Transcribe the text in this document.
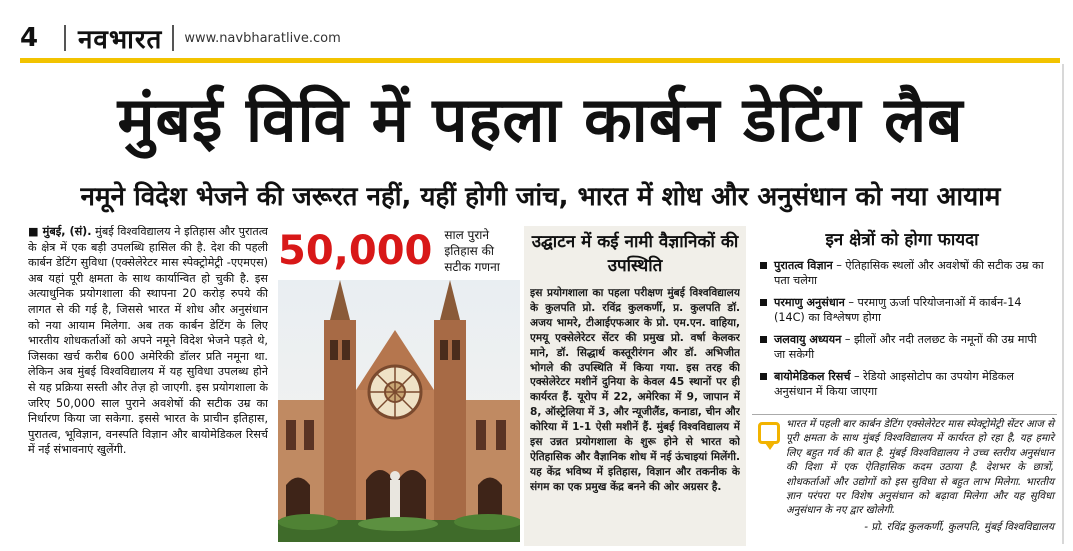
4	नवभारत www.navbharatlive.com
मुंबई विवि में पहला कार्बन डेटिंग लैब
नमूने विदेश भेजने की जरूरत नहीं, यहीं होगी जांच, भारत में शोध और अनुसंधान को नया आयाम
■ मुंबई, (सं). मुंबई विश्वविद्यालय ने इतिहास और पुरातत्व के क्षेत्र में एक बड़ी उपलब्धि हासिल की है. देश की पहली कार्बन डेटिंग सुविधा (एक्सेलेरेटर मास स्पेक्ट्रोमेट्री -एएमएस) अब यहां पूरी क्षमता के साथ कार्यान्वित हो चुकी है. इस अत्याधुनिक प्रयोगशाला की स्थापना 20 करोड़ रुपये की लागत से की गई है, जिससे भारत में शोध और अनुसंधान को नया आयाम मिलेगा. अब तक कार्बन डेटिंग के लिए भारतीय शोधकर्ताओं को अपने नमूने विदेश भेजने पड़ते थे, जिसका खर्च करीब 600 अमेरिकी डॉलर प्रति नमूना था. लेकिन अब मुंबई विश्वविद्यालय में यह सुविधा उपलब्ध होने से यह प्रक्रिया सस्ती और तेज़ हो जाएगी. इस प्रयोगशाला के जरिए 50,000 साल पुराने अवशेषों की सटीक उम्र का निर्धारण किया जा सकेगा. इससे भारत के प्राचीन इतिहास, पुरातत्व, भूविज्ञान, वनस्पति विज्ञान और बायोमेडिकल रिसर्च में नई संभावनाएं खुलेंगी.
50,000 साल पुराने इतिहास की सटीक गणना
उद्घाटन में कई नामी वैज्ञानिकों की उपस्थिति
इस प्रयोगशाला का पहला परीक्षण मुंबई विश्वविद्यालय के कुलपति प्रो. रविंद्र कुलकर्णी, प्र. कुलपति डॉ. अजय भामरे, टीआईएफआर के प्रो. एम.एन. वाहिया, एमयू एक्सेलेरेटर सेंटर की प्रमुख प्रो. वर्षा केलकर माने, डॉ. सिद्धार्थ कस्तूरीरंगन और डॉ. अभिजीत भोगले की उपस्थिति में किया गया. इस तरह की एक्सेलेरेटर मशीनें दुनिया के केवल 45 स्थानों पर ही कार्यरत हैं. यूरोप में 22, अमेरिका में 9, जापान में 8, ऑस्ट्रेलिया में 3, और न्यूजीलैंड, कनाडा, चीन और कोरिया में 1-1 ऐसी मशीनें हैं. मुंबई विश्वविद्यालय में इस उन्नत प्रयोगशाला के शुरू होने से भारत को ऐतिहासिक और वैज्ञानिक शोध में नई ऊंचाइयां मिलेंगी. यह केंद्र भविष्य में इतिहास, विज्ञान और तकनीक के संगम का एक प्रमुख केंद्र बनने की ओर अग्रसर है.
इन क्षेत्रों को होगा फायदा
पुरातत्व विज्ञान – ऐतिहासिक स्थलों और अवशेषों की सटीक उम्र का पता चलेगा
परमाणु अनुसंधान – परमाणु ऊर्जा परियोजनाओं में कार्बन-14 (14C) का विश्लेषण होगा
जलवायु अध्ययन – झीलों और नदी तलछट के नमूनों की उम्र मापी जा सकेगी
बायोमेडिकल रिसर्च – रेडियो आइसोटोप का उपयोग मेडिकल अनुसंधान में किया जाएगा
भारत में पहली बार कार्बन डेटिंग एक्सेलेरेटर मास स्पेक्ट्रोमेट्री सेंटर आज से पूरी क्षमता के साथ मुंबई विश्वविद्यालय में कार्यरत हो रहा है, यह हमारे लिए बहुत गर्व की बात है. मुंबई विश्वविद्यालय ने उच्च स्तरीय अनुसंधान की दिशा में एक ऐतिहासिक कदम उठाया है. देशभर के छात्रों, शोधकर्ताओं और उद्योगों को इस सुविधा से बहुत लाभ मिलेगा. भारतीय ज्ञान परंपरा पर विशेष अनुसंधान को बढ़ावा मिलेगा और यह सुविधा अनुसंधान के नए द्वार खोलेगी.
- प्रो. रविंद्र कुलकर्णी, कुलपति, मुंबई विश्वविद्यालय
